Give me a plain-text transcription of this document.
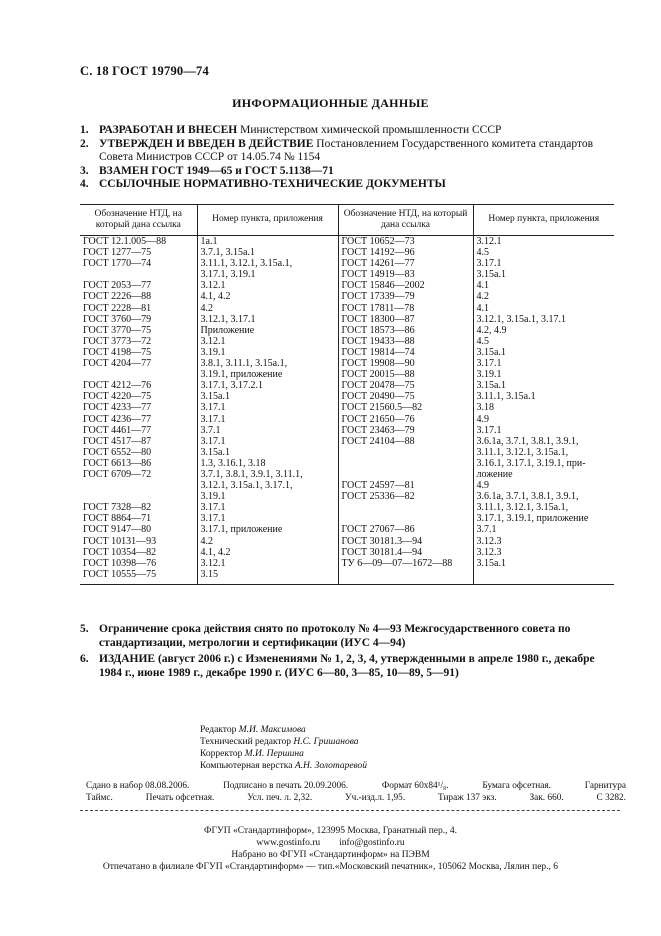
С. 18 ГОСТ 19790—74
ИНФОРМАЦИОННЫЕ ДАННЫЕ
1. РАЗРАБОТАН И ВНЕСЕН Министерством химической промышленности СССР
2. УТВЕРЖДЕН И ВВЕДЕН В ДЕЙСТВИЕ Постановлением Государственного комитета стандартов Совета Министров СССР от 14.05.74 № 1154
3. ВЗАМЕН ГОСТ 1949—65 и ГОСТ 5.1138—71
4. ССЫЛОЧНЫЕ НОРМАТИВНО-ТЕХНИЧЕСКИЕ ДОКУМЕНТЫ
Обозначение НТД, на который дана ссылка	Номер пункта, приложения	Обозначение НТД, на который дана ссылка	Номер пункта, приложения
ГОСТ 12.1.005—88	1а.1	ГОСТ 10652—73	3.12.1
ГОСТ 1277—75	3.7.1, 3.15а.1	ГОСТ 14192—96	4.5
ГОСТ 1770—74	3.11.1, 3.12.1, 3.15а.1,	ГОСТ 14261—77	3.17.1
	3.17.1, 3.19.1	ГОСТ 14919—83	3.15а.1
ГОСТ 2053—77	3.12.1	ГОСТ 15846—2002	4.1
ГОСТ 2226—88	4.1, 4.2	ГОСТ 17339—79	4.2
ГОСТ 2228—81	4.2	ГОСТ 17811—78	4.1
ГОСТ 3760—79	3.12.1, 3.17.1	ГОСТ 18300—87	3.12.1, 3.15а.1, 3.17.1
ГОСТ 3770—75	Приложение	ГОСТ 18573—86	4.2, 4.9
ГОСТ 3773—72	3.12.1	ГОСТ 19433—88	4.5
ГОСТ 4198—75	3.19.1	ГОСТ 19814—74	3.15а.1
ГОСТ 4204—77	3.8.1, 3.11.1, 3.15а.1,	ГОСТ 19908—90	3.17.1
	3.19.1, приложение	ГОСТ 20015—88	3.19.1
ГОСТ 4212—76	3.17.1, 3.17.2.1	ГОСТ 20478—75	3.15а.1
ГОСТ 4220—75	3.15а.1	ГОСТ 20490—75	3.11.1, 3.15а.1
ГОСТ 4233—77	3.17.1	ГОСТ 21560.5—82	3.18
ГОСТ 4236—77	3.17.1	ГОСТ 21650—76	4.9
ГОСТ 4461—77	3.7.1	ГОСТ 23463—79	3.17.1
ГОСТ 4517—87	3.17.1	ГОСТ 24104—88	3.6.1а, 3.7.1, 3.8.1, 3.9.1,
ГОСТ 6552—80	3.15а.1		3.11.1, 3.12.1, 3.15а.1,
ГОСТ 6613—86	1.3, 3.16.1, 3.18		3.16.1, 3.17.1, 3.19.1, при-
ГОСТ 6709—72	3.7.1, 3.8.1, 3.9.1, 3.11.1,		ложение
	3.12.1, 3.15а.1, 3.17.1,	ГОСТ 24597—81	4.9
	3.19.1	ГОСТ 25336—82	3.6.1а, 3.7.1, 3.8.1, 3.9.1,
ГОСТ 7328—82	3.17.1		3.11.1, 3.12.1, 3.15а.1,
ГОСТ 8864—71	3.17.1		3.17.1, 3.19.1, приложение
ГОСТ 9147—80	3.17.1, приложение	ГОСТ 27067—86	3.7.1
ГОСТ 10131—93	4.2	ГОСТ 30181.3—94	3.12.3
ГОСТ 10354—82	4.1, 4.2	ГОСТ 30181.4—94	3.12.3
ГОСТ 10398—76	3.12.1	ТУ 6—09—07—1672—88	3.15а.1
ГОСТ 10555—75	3.15		
5. Ограничение срока действия снято по протоколу № 4—93 Межгосударственного совета по стандартизации, метрологии и сертификации (ИУС 4—94)
6. ИЗДАНИЕ (август 2006 г.) с Изменениями № 1, 2, 3, 4, утвержденными в апреле 1980 г., декабре 1984 г., июне 1989 г., декабре 1990 г. (ИУС 6—80, 3—85, 10—89, 5—91)
Редактор М.И. Максимова
Технический редактор Н.С. Гришанова
Корректор М.И. Першина
Компьютерная верстка А.Н. Золотаревой
Сдано в набор 08.08.2006.	Подписано в печать 20.09.2006.	Формат 60х84¹/₈.	Бумага офсетная.	Гарнитура
Таймс.	Печать офсетная.	Усл. печ. л. 2,32.	Уч.-изд.л. 1,95.	Тираж 137 экз.	Зак. 660.	С 3282.
ФГУП «Стандартинформ», 123995 Москва, Гранатный пер., 4.
www.gostinfo.ru        info@gostinfo.ru
Набрано во ФГУП «Стандартинформ» на ПЭВМ
Отпечатано в филиале ФГУП «Стандартинформ» — тип.«Московский печатник», 105062 Москва, Лялин пер., 6
